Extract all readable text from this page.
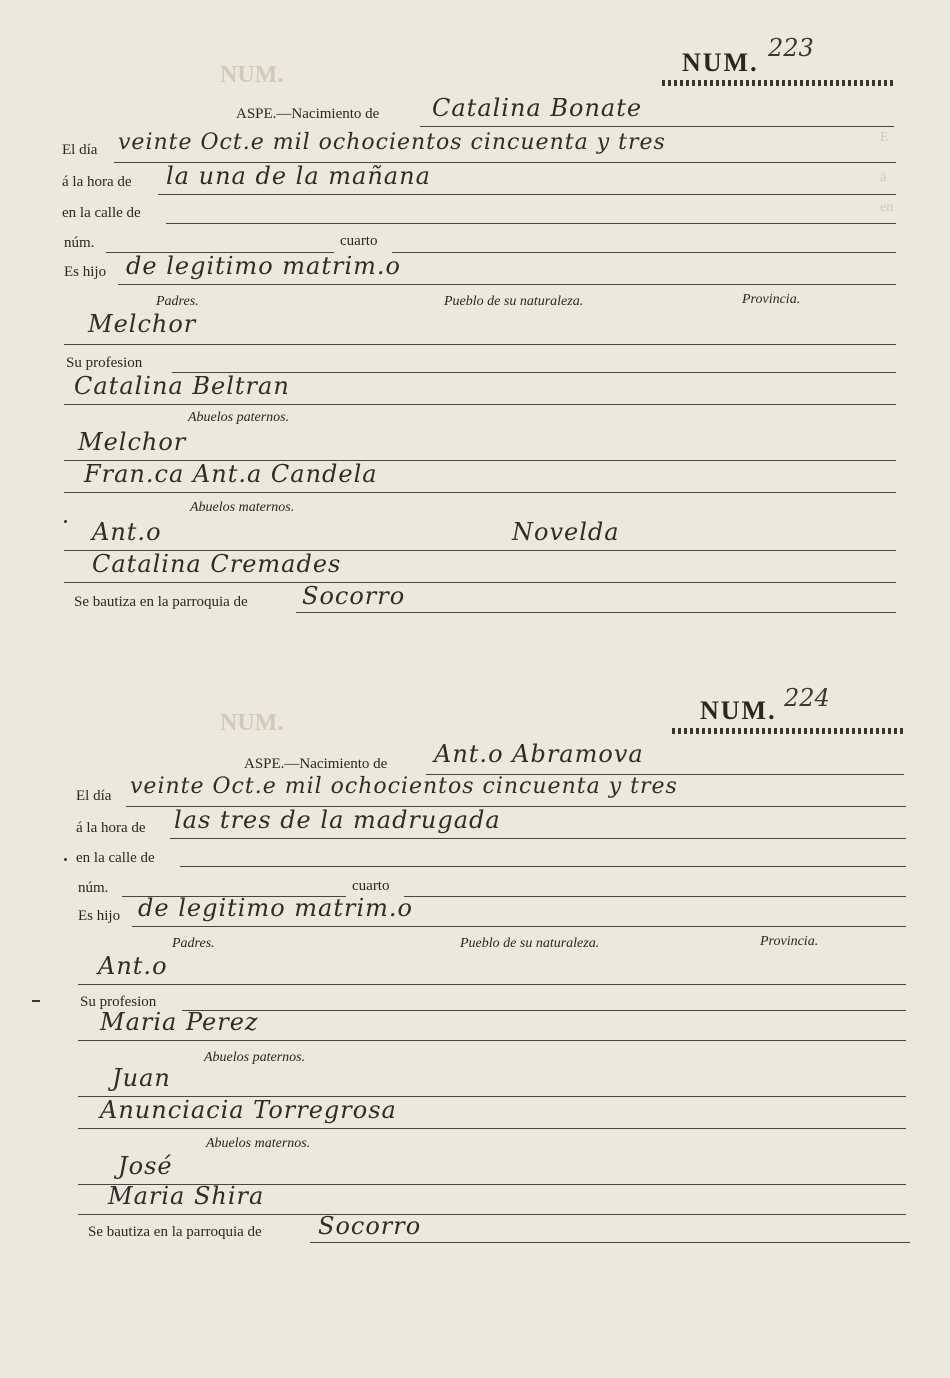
NUM.
E
á
en
NUM.
NUM. 223
ASPE.—Nacimiento de Catalina Bonate
El día veinte Oct.e mil ochocientos cincuenta y tres
á la hora de la una de la mañana
en la calle de
núm.	cuarto
Es hijo de legitimo matrim.o
Padres.	Pueblo de su naturaleza.	Provincia.
Melchor
Su profesion
Catalina Beltran
Abuelos paternos.
Melchor
Fran.ca Ant.a Candela
Abuelos maternos.
Ant.o	Novelda
Catalina Cremades
Se bautiza en la parroquia de Socorro
NUM. 224
ASPE.—Nacimiento de Ant.o Abramova
El día veinte Oct.e mil ochocientos cincuenta y tres
á la hora de las tres de la madrugada
en la calle de
núm.	cuarto
Es hijo de legitimo matrim.o
Padres.	Pueblo de su naturaleza.	Provincia.
Ant.o
Su profesion
Maria Perez
Abuelos paternos.
Juan
Anunciacia Torregrosa
Abuelos maternos.
José
Maria Shira
Se bautiza en la parroquia de Socorro
